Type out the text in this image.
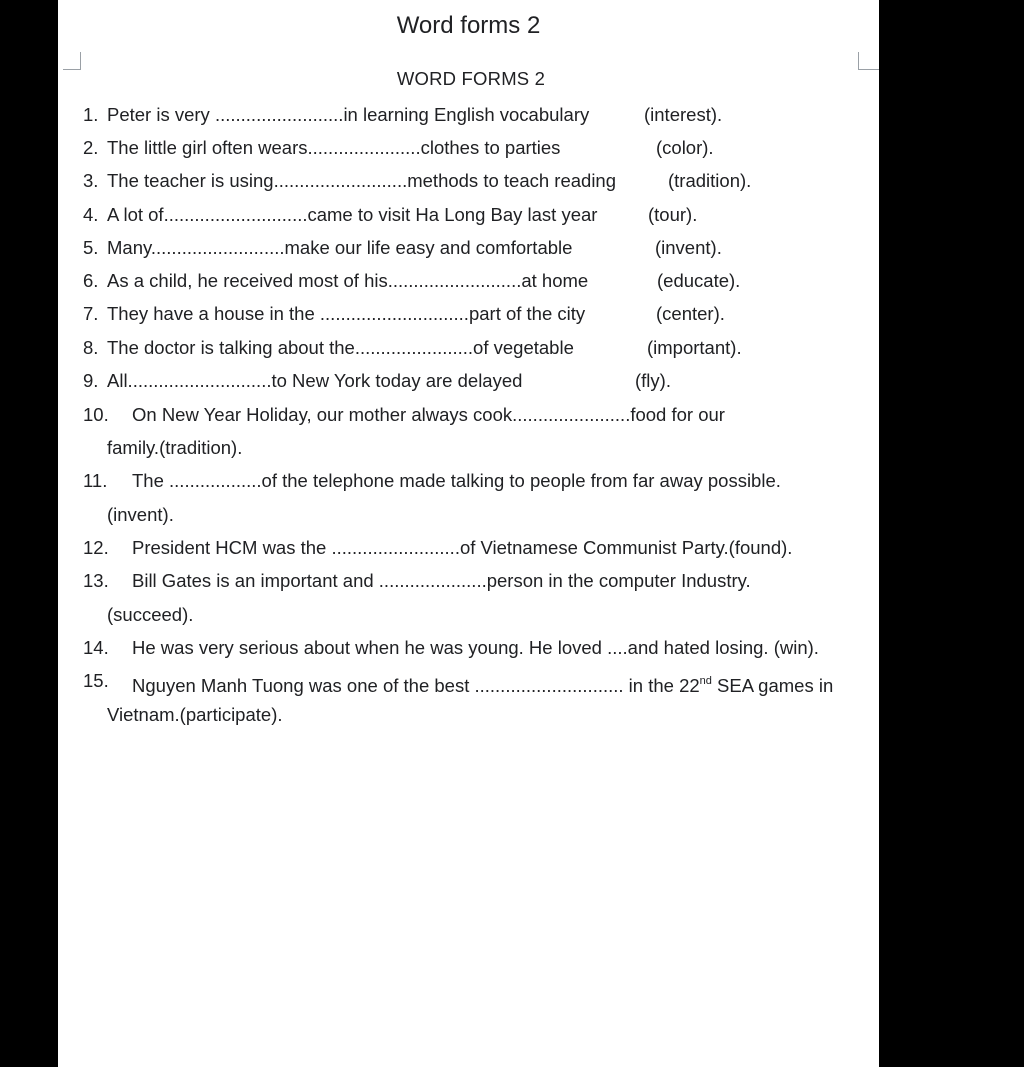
Word forms 2
WORD FORMS 2
1. Peter is very .........................in learning English vocabulary	(interest).
2. The little girl often wears......................clothes to parties	(color).
3. The teacher is using..........................methods to teach reading	(tradition).
4. A lot of............................came to visit Ha Long Bay last year	(tour).
5. Many..........................make our life easy and comfortable	(invent).
6. As a child, he received most of his..........................at home	(educate).
7. They have a house in the .............................part of the city	(center).
8. The doctor is talking about the.......................of vegetable	(important).
9. All............................to New York today are delayed	(fly).
10. On New Year Holiday, our mother always cook.......................food for our
family.(tradition).
11. The ..................of the telephone made talking to people from far away possible.
(invent).
12. President HCM was the .........................of Vietnamese Communist Party.(found).
13. Bill Gates is an important and .....................person in the computer Industry.
(succeed).
14. He was very serious about when he was young. He loved ....and hated losing. (win).
15. Nguyen Manh Tuong was one of the best ............................. in the 22nd SEA games in
Vietnam.(participate).
